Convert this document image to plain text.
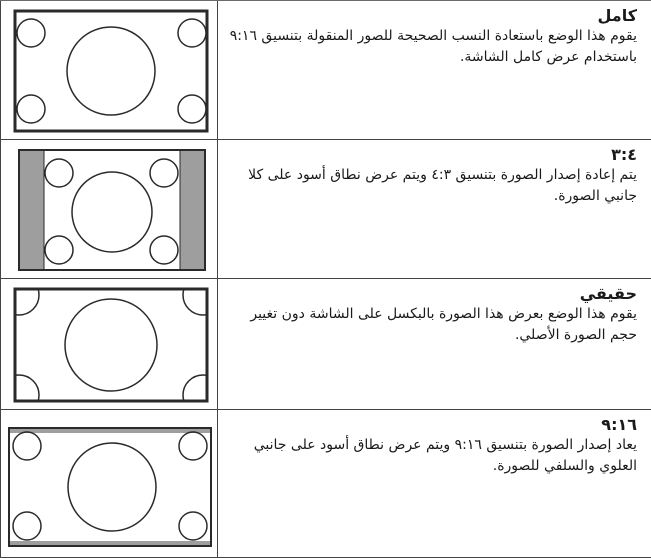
كامل
يقوم هذا الوضع باستعادة النسب الصحيحة للصور المنقولة بتنسيق ٩:١٦ باستخدام عرض كامل الشاشة.

٣:٤
يتم إعادة إصدار الصورة بتنسيق ٤:٣ ويتم عرض نطاق أسود على كلا جانبي الصورة.

حقيقي
يقوم هذا الوضع بعرض هذا الصورة بالبكسل على الشاشة دون تغيير حجم الصورة الأصلي.

٩:١٦
يعاد إصدار الصورة بتنسيق ٩:١٦ ويتم عرض نطاق أسود على جانبي العلوي والسلفي للصورة.
